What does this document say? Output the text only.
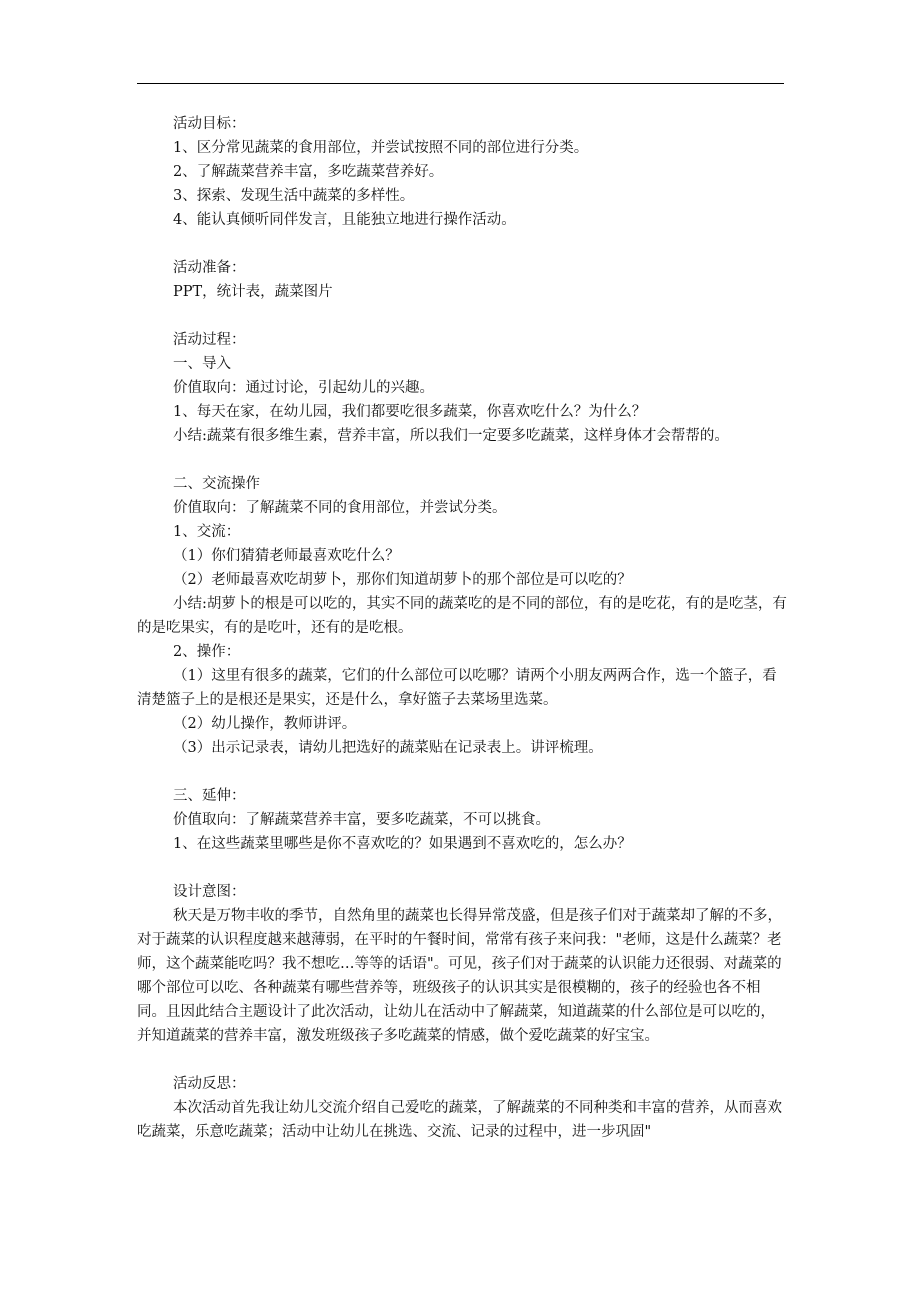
活动目标：
1、区分常见蔬菜的食用部位，并尝试按照不同的部位进行分类。
2、了解蔬菜营养丰富，多吃蔬菜营养好。
3、探索、发现生活中蔬菜的多样性。
4、能认真倾听同伴发言，且能独立地进行操作活动。
活动准备：
PPT，统计表，蔬菜图片
活动过程：
一、导入
价值取向：通过讨论，引起幼儿的兴趣。
1、每天在家，在幼儿园，我们都要吃很多蔬菜，你喜欢吃什么？为什么？
小结:蔬菜有很多维生素，营养丰富，所以我们一定要多吃蔬菜，这样身体才会帮帮的。
二、交流操作
价值取向：了解蔬菜不同的食用部位，并尝试分类。
1、交流：
（1）你们猜猜老师最喜欢吃什么？
（2）老师最喜欢吃胡萝卜，那你们知道胡萝卜的那个部位是可以吃的？
小结:胡萝卜的根是可以吃的，其实不同的蔬菜吃的是不同的部位，有的是吃花，有的是吃茎，有的是吃果实，有的是吃叶，还有的是吃根。
2、操作：
（1）这里有很多的蔬菜，它们的什么部位可以吃哪？请两个小朋友两两合作，选一个篮子，看清楚篮子上的是根还是果实，还是什么，拿好篮子去菜场里选菜。
（2）幼儿操作，教师讲评。
（3）出示记录表，请幼儿把选好的蔬菜贴在记录表上。讲评梳理。
三、延伸：
价值取向：了解蔬菜营养丰富，要多吃蔬菜，不可以挑食。
1、在这些蔬菜里哪些是你不喜欢吃的？如果遇到不喜欢吃的，怎么办？
设计意图：
秋天是万物丰收的季节，自然角里的蔬菜也长得异常茂盛，但是孩子们对于蔬菜却了解的不多，对于蔬菜的认识程度越来越薄弱，在平时的午餐时间，常常有孩子来问我："老师，这是什么蔬菜？老师，这个蔬菜能吃吗？我不想吃…等等的话语"。可见，孩子们对于蔬菜的认识能力还很弱、对蔬菜的哪个部位可以吃、各种蔬菜有哪些营养等，班级孩子的认识其实是很模糊的，孩子的经验也各不相同。且因此结合主题设计了此次活动，让幼儿在活动中了解蔬菜，知道蔬菜的什么部位是可以吃的，并知道蔬菜的营养丰富，激发班级孩子多吃蔬菜的情感，做个爱吃蔬菜的好宝宝。
活动反思：
本次活动首先我让幼儿交流介绍自己爱吃的蔬菜，了解蔬菜的不同种类和丰富的营养，从而喜欢吃蔬菜，乐意吃蔬菜；活动中让幼儿在挑选、交流、记录的过程中，进一步巩固"
